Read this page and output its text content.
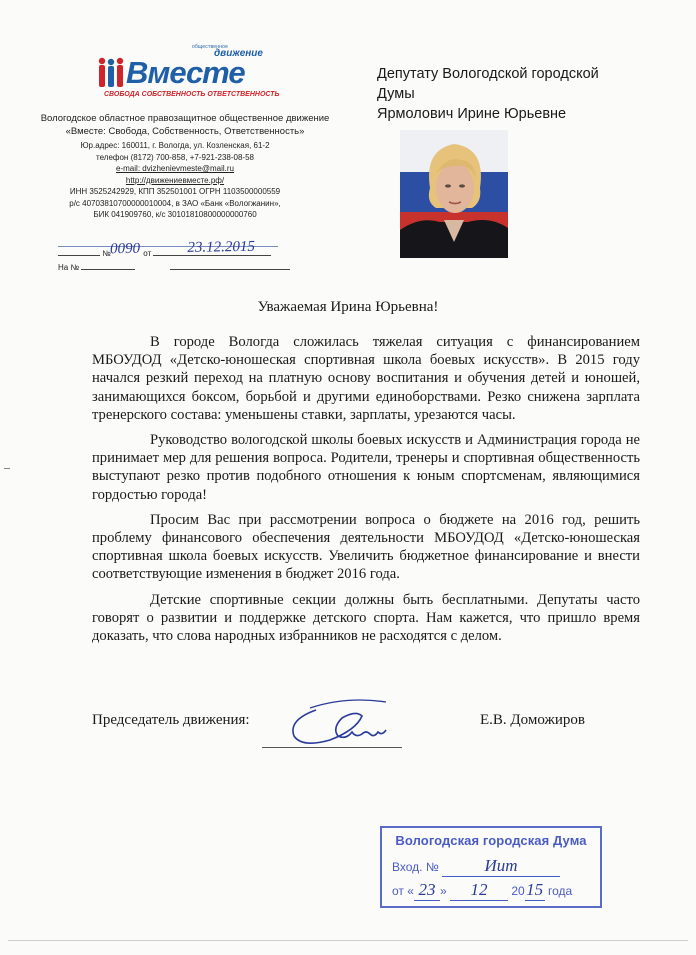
общественное
движение
Вместе
СВОБОДА СОБСТВЕННОСТЬ ОТВЕТСТВЕННОСТЬ
Вологодское областное правозащитное общественное движение
«Вместе: Свобода, Собственность, Ответственность»
Юр.адрес: 160011, г. Вологда, ул. Козленская, 61-2
телефон (8172) 700-858, +7-921-238-08-58
e-mail: dvizhenievmeste@mail.ru
http://движениевместе.рф/
ИНН 3525242929, КПП 352501001 ОГРН 1103500000559
р/с 40703810700000010004, в ЗАО «Банк «Вологжанин»,
БИК 041909760, к/с 30101810800000000760
№	от
0090	23.12.2015
На №
Депутату Вологодской городской
Думы
Ярмолович Ирине Юрьевне
Уважаемая Ирина Юрьевна!

В городе Вологда сложилась тяжелая ситуация с финансированием МБОУДОД «Детско-юношеская спортивная школа боевых искусств». В 2015 году начался резкий переход на платную основу воспитания и обучения детей и юношей, занимающихся боксом, борьбой и другими единоборствами. Резко снижена зарплата тренерского состава: уменьшены ставки, зарплаты, урезаются часы.

Руководство вологодской школы боевых искусств и Администрация города не принимает мер для решения вопроса. Родители, тренеры и спортивная общественность выступают резко против подобного отношения к юным спортсменам, являющимися гордостью города!

Просим Вас при рассмотрении вопроса о бюджете на 2016 год, решить проблему финансового обеспечения деятельности МБОУДОД «Детско-юношеская спортивная школа боевых искусств. Увеличить бюджетное финансирование и внести соответствующие изменения в бюджет 2016 года.

Детские спортивные секции должны быть бесплатными. Депутаты часто говорят о развитии и поддержке детского спорта. Нам кажется, что пришло время доказать, что слова народных избранников не расходятся с делом.

Председатель движения:	Е.В. Доможиров
Вологодская городская Дума
Вход. №	Иит
от « 23 » 12 2015 года
